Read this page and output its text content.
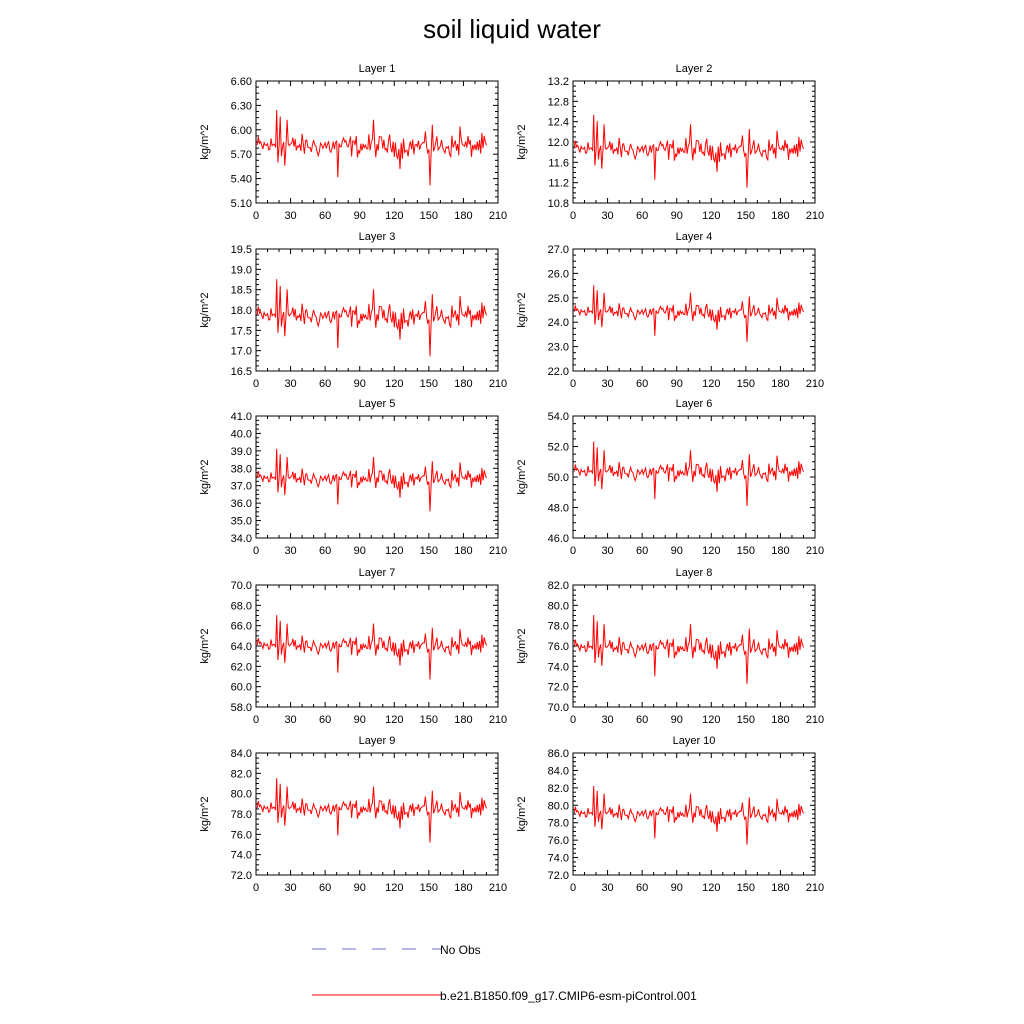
soil liquid water
Layer 1
kg/m^2
0 30 60 90 120 150 180 210
5.10
5.40
5.70
6.00
6.30
6.60
Layer 2
kg/m^2
0 30 60 90 120 150 180 210
10.8
11.2
11.6
12.0
12.4
12.8
13.2
Layer 3
kg/m^2
0 30 60 90 120 150 180 210
16.5
17.0
17.5
18.0
18.5
19.0
19.5
Layer 4
kg/m^2
0 30 60 90 120 150 180 210
22.0
23.0
24.0
25.0
26.0
27.0
Layer 5
kg/m^2
0 30 60 90 120 150 180 210
34.0
35.0
36.0
37.0
38.0
39.0
40.0
41.0
Layer 6
kg/m^2
0 30 60 90 120 150 180 210
46.0
48.0
50.0
52.0
54.0
Layer 7
kg/m^2
0 30 60 90 120 150 180 210
58.0
60.0
62.0
64.0
66.0
68.0
70.0
Layer 8
kg/m^2
0 30 60 90 120 150 180 210
70.0
72.0
74.0
76.0
78.0
80.0
82.0
Layer 9
kg/m^2
0 30 60 90 120 150 180 210
72.0
74.0
76.0
78.0
80.0
82.0
84.0
Layer 10
kg/m^2
0 30 60 90 120 150 180 210
72.0
74.0
76.0
78.0
80.0
82.0
84.0
86.0
No Obs
b.e21.B1850.f09_g17.CMIP6-esm-piControl.001
